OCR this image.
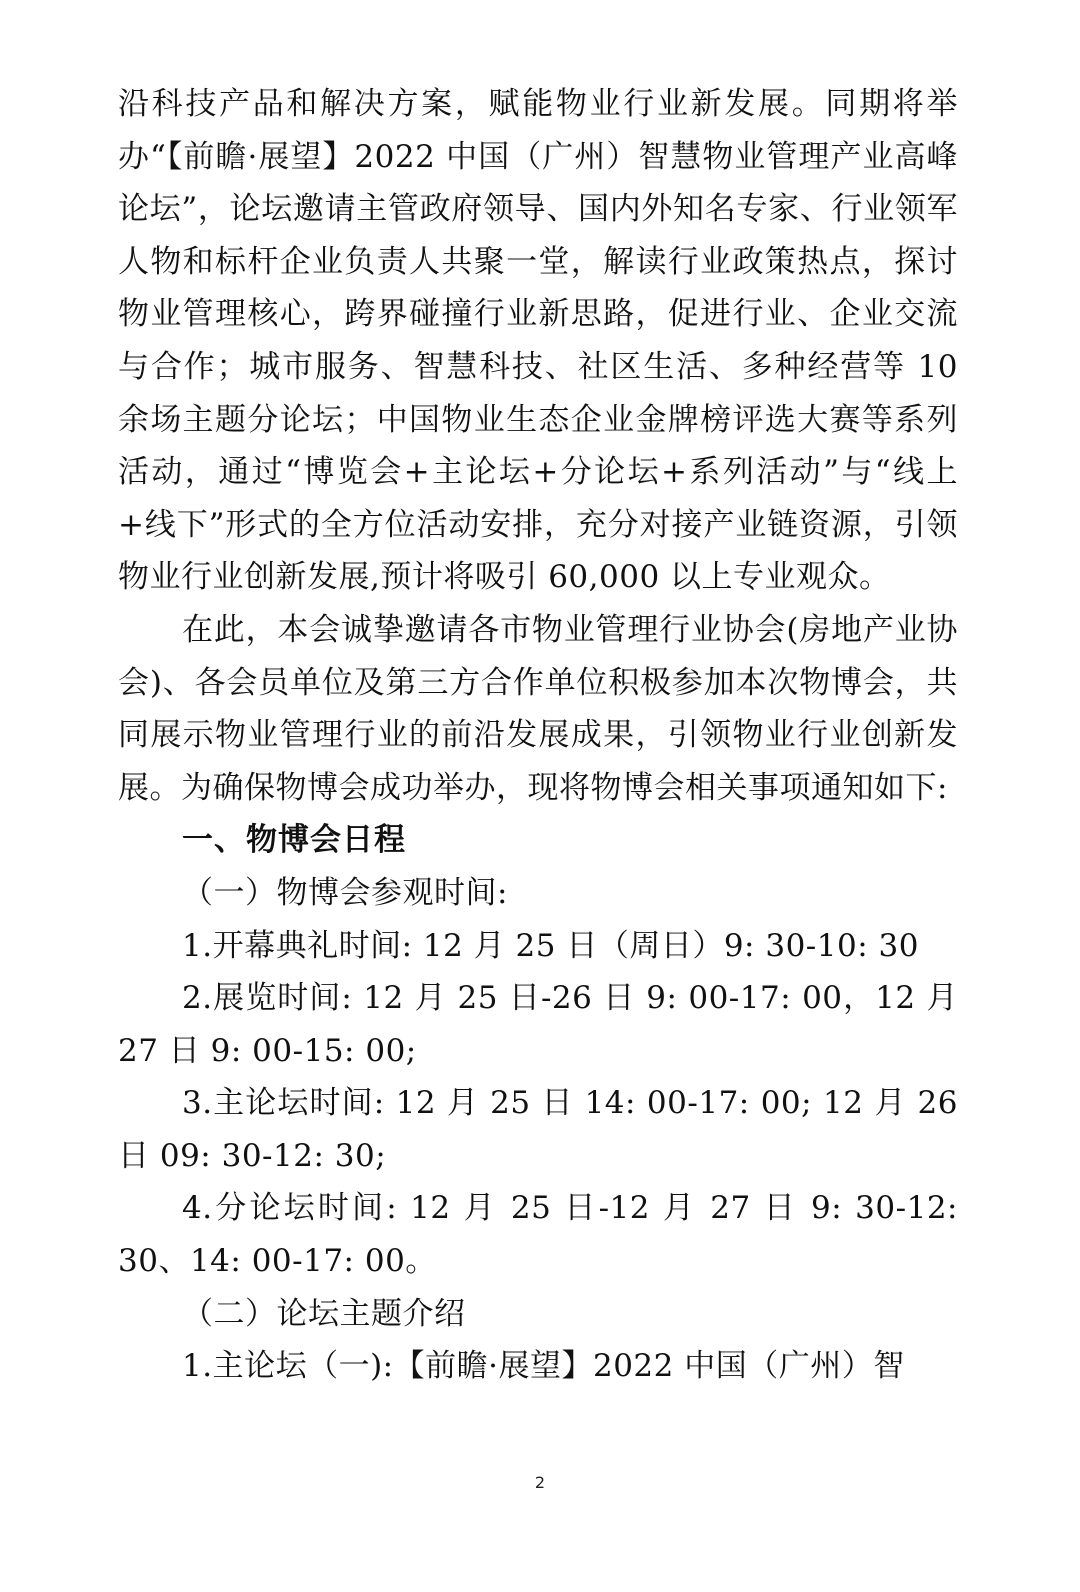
沿科技产品和解决方案，赋能物业行业新发展。同期将举办“【前瞻·展望】2022 中国（广州）智慧物业管理产业高峰论坛”，论坛邀请主管政府领导、国内外知名专家、行业领军人物和标杆企业负责人共聚一堂，解读行业政策热点，探讨物业管理核心，跨界碰撞行业新思路，促进行业、企业交流与合作；城市服务、智慧科技、社区生活、多种经营等 10 余场主题分论坛；中国物业生态企业金牌榜评选大赛等系列活动，通过“博览会+主论坛+分论坛+系列活动”与“线上+线下”形式的全方位活动安排，充分对接产业链资源，引领物业行业创新发展,预计将吸引 60,000 以上专业观众。

在此，本会诚挚邀请各市物业管理行业协会(房地产业协会)、各会员单位及第三方合作单位积极参加本次物博会，共同展示物业管理行业的前沿发展成果，引领物业行业创新发展。为确保物博会成功举办，现将物博会相关事项通知如下:

一、物博会日程

（一）物博会参观时间:

1.开幕典礼时间: 12 月 25 日（周日）9: 30-10: 30

2.展览时间: 12 月 25 日-26 日 9: 00-17: 00，12 月 27 日 9: 00-15: 00;

3.主论坛时间: 12 月 25 日 14: 00-17: 00; 12 月 26 日 09: 30-12: 30;

4.分论坛时间: 12 月 25 日-12 月 27 日 9: 30-12: 30、14: 00-17: 00。

（二）论坛主题介绍

1.主论坛（一):【前瞻·展望】2022 中国（广州）智

2
